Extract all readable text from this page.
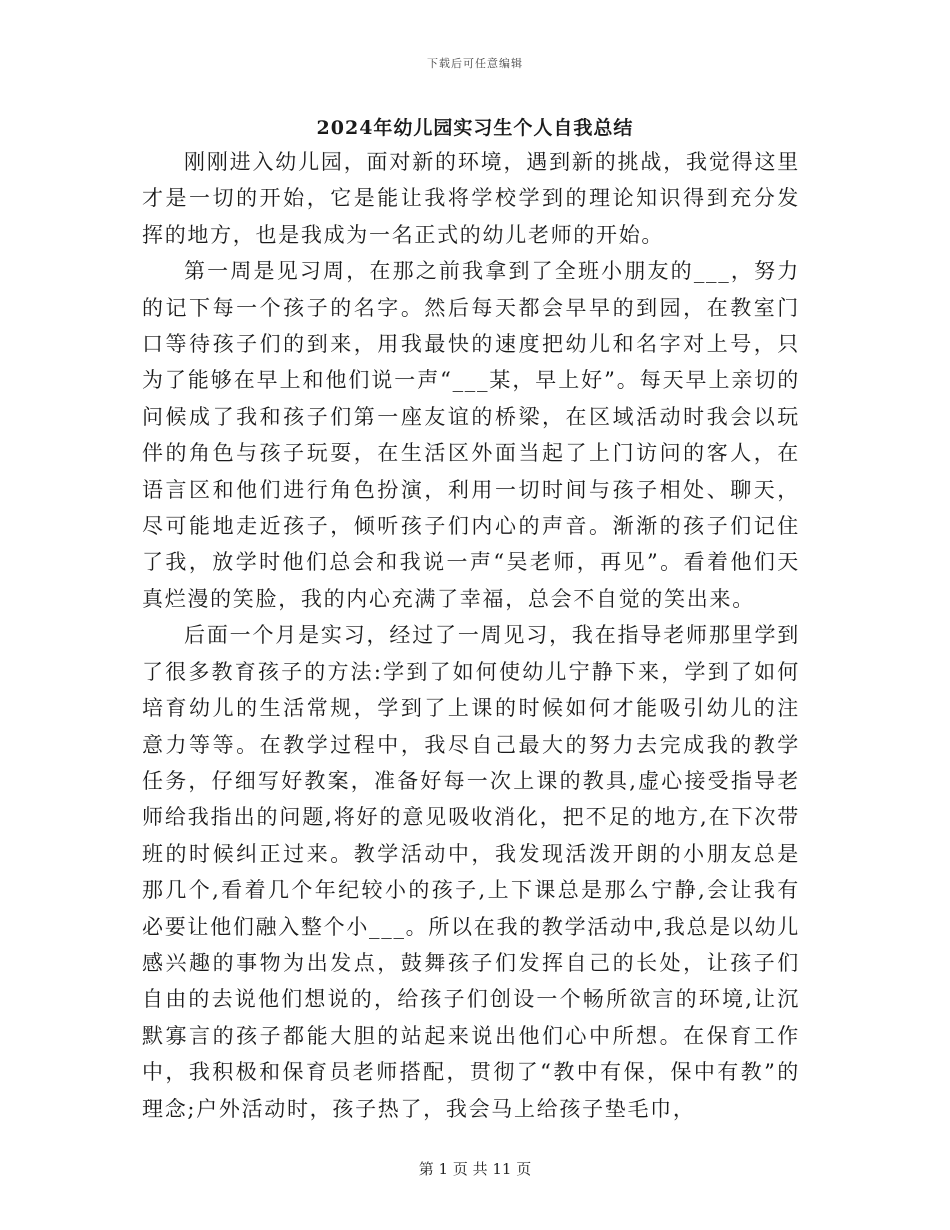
下载后可任意编辑
2024年幼儿园实习生个人自我总结

刚刚进入幼儿园，面对新的环境，遇到新的挑战，我觉得这里才是一切的开始，它是能让我将学校学到的理论知识得到充分发挥的地方，也是我成为一名正式的幼儿老师的开始。

第一周是见习周，在那之前我拿到了全班小朋友的___，努力的记下每一个孩子的名字。然后每天都会早早的到园，在教室门口等待孩子们的到来，用我最快的速度把幼儿和名字对上号，只为了能够在早上和他们说一声“___某，早上好”。每天早上亲切的问候成了我和孩子们第一座友谊的桥梁，在区域活动时我会以玩伴的角色与孩子玩耍，在生活区外面当起了上门访问的客人，在语言区和他们进行角色扮演，利用一切时间与孩子相处、聊天，尽可能地走近孩子，倾听孩子们内心的声音。渐渐的孩子们记住了我，放学时他们总会和我说一声“吴老师，再见”。看着他们天真烂漫的笑脸，我的内心充满了幸福，总会不自觉的笑出来。

后面一个月是实习，经过了一周见习，我在指导老师那里学到了很多教育孩子的方法:学到了如何使幼儿宁静下来，学到了如何培育幼儿的生活常规，学到了上课的时候如何才能吸引幼儿的注意力等等。在教学过程中，我尽自己最大的努力去完成我的教学任务，仔细写好教案，准备好每一次上课的教具,虚心接受指导老师给我指出的问题,将好的意见吸收消化，把不足的地方,在下次带班的时候纠正过来。教学活动中，我发现活泼开朗的小朋友总是那几个,看着几个年纪较小的孩子,上下课总是那么宁静,会让我有必要让他们融入整个小___。所以在我的教学活动中,我总是以幼儿感兴趣的事物为出发点，鼓舞孩子们发挥自己的长处，让孩子们自由的去说他们想说的，给孩子们创设一个畅所欲言的环境,让沉默寡言的孩子都能大胆的站起来说出他们心中所想。在保育工作中，我积极和保育员老师搭配，贯彻了“教中有保，保中有教”的理念;户外活动时，孩子热了，我会马上给孩子垫毛巾，

第 1 页 共 11 页
